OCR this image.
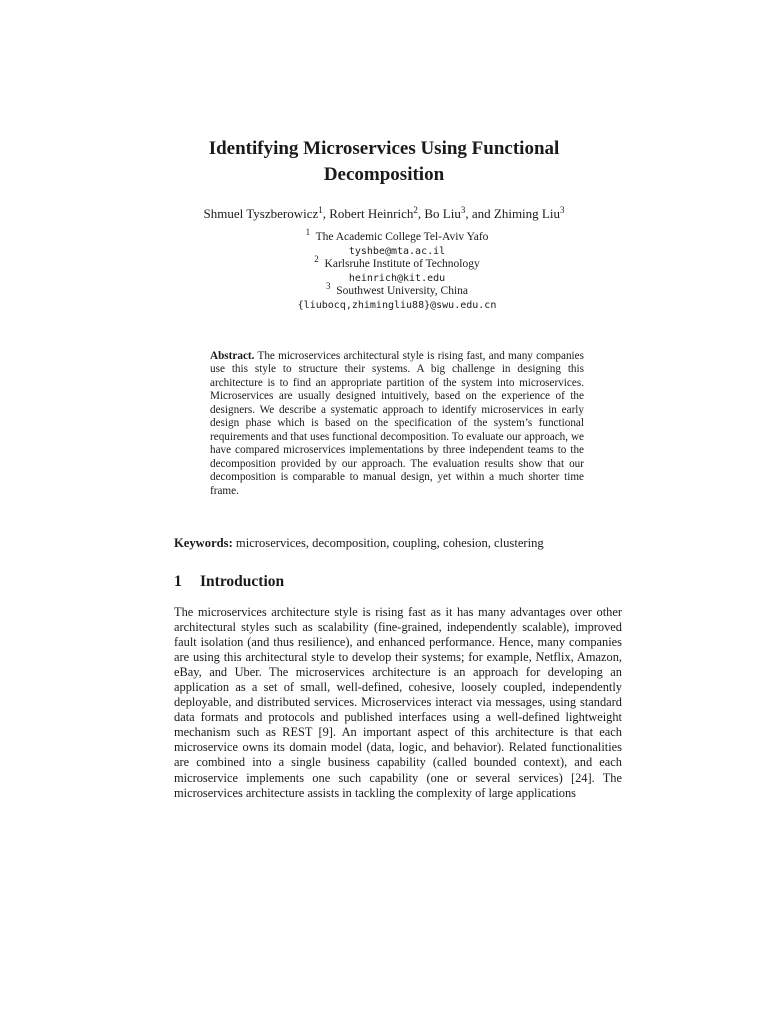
Identifying Microservices Using Functional
Decomposition
Shmuel Tyszberowicz$^1$, Robert Heinrich$^2$, Bo Liu$^3$, and Zhiming Liu$^3$
$^1$ The Academic College Tel-Aviv Yafo
tyshbe@mta.ac.il
$^2$ Karlsruhe Institute of Technology
heinrich@kit.edu
$^3$ Southwest University, China
{liubocq,zhimingliu88}@swu.edu.cn

Abstract. The microservices architectural style is rising fast, and many companies use this style to structure their systems. A big challenge in designing this architecture is to find an appropriate partition of the system into microservices. Microservices are usually designed intuitively, based on the experience of the designers. We describe a systematic approach to identify microservices in early design phase which is based on the specification of the system’s functional requirements and that uses functional decomposition. To evaluate our approach, we have compared microservices implementations by three independent teams to the decomposition provided by our approach. The evaluation results show that our decomposition is comparable to manual design, yet within a much shorter time frame.

Keywords: microservices, decomposition, coupling, cohesion, clustering
1 Introduction

The microservices architecture style is rising fast as it has many advantages over other architectural styles such as scalability (fine-grained, independently scalable), improved fault isolation (and thus resilience), and enhanced performance. Hence, many companies are using this architectural style to develop their systems; for example, Netflix, Amazon, eBay, and Uber. The microservices architecture is an approach for developing an application as a set of small, well-defined, cohesive, loosely coupled, independently deployable, and distributed services. Microservices interact via messages, using standard data formats and protocols and published interfaces using a well-defined lightweight mechanism such as REST [9]. An important aspect of this architecture is that each microservice owns its domain model (data, logic, and behavior). Related functionalities are combined into a single business capability (called bounded context), and each microservice implements one such capability (one or several services) [24]. The microservices architecture assists in tackling the complexity of large applications
